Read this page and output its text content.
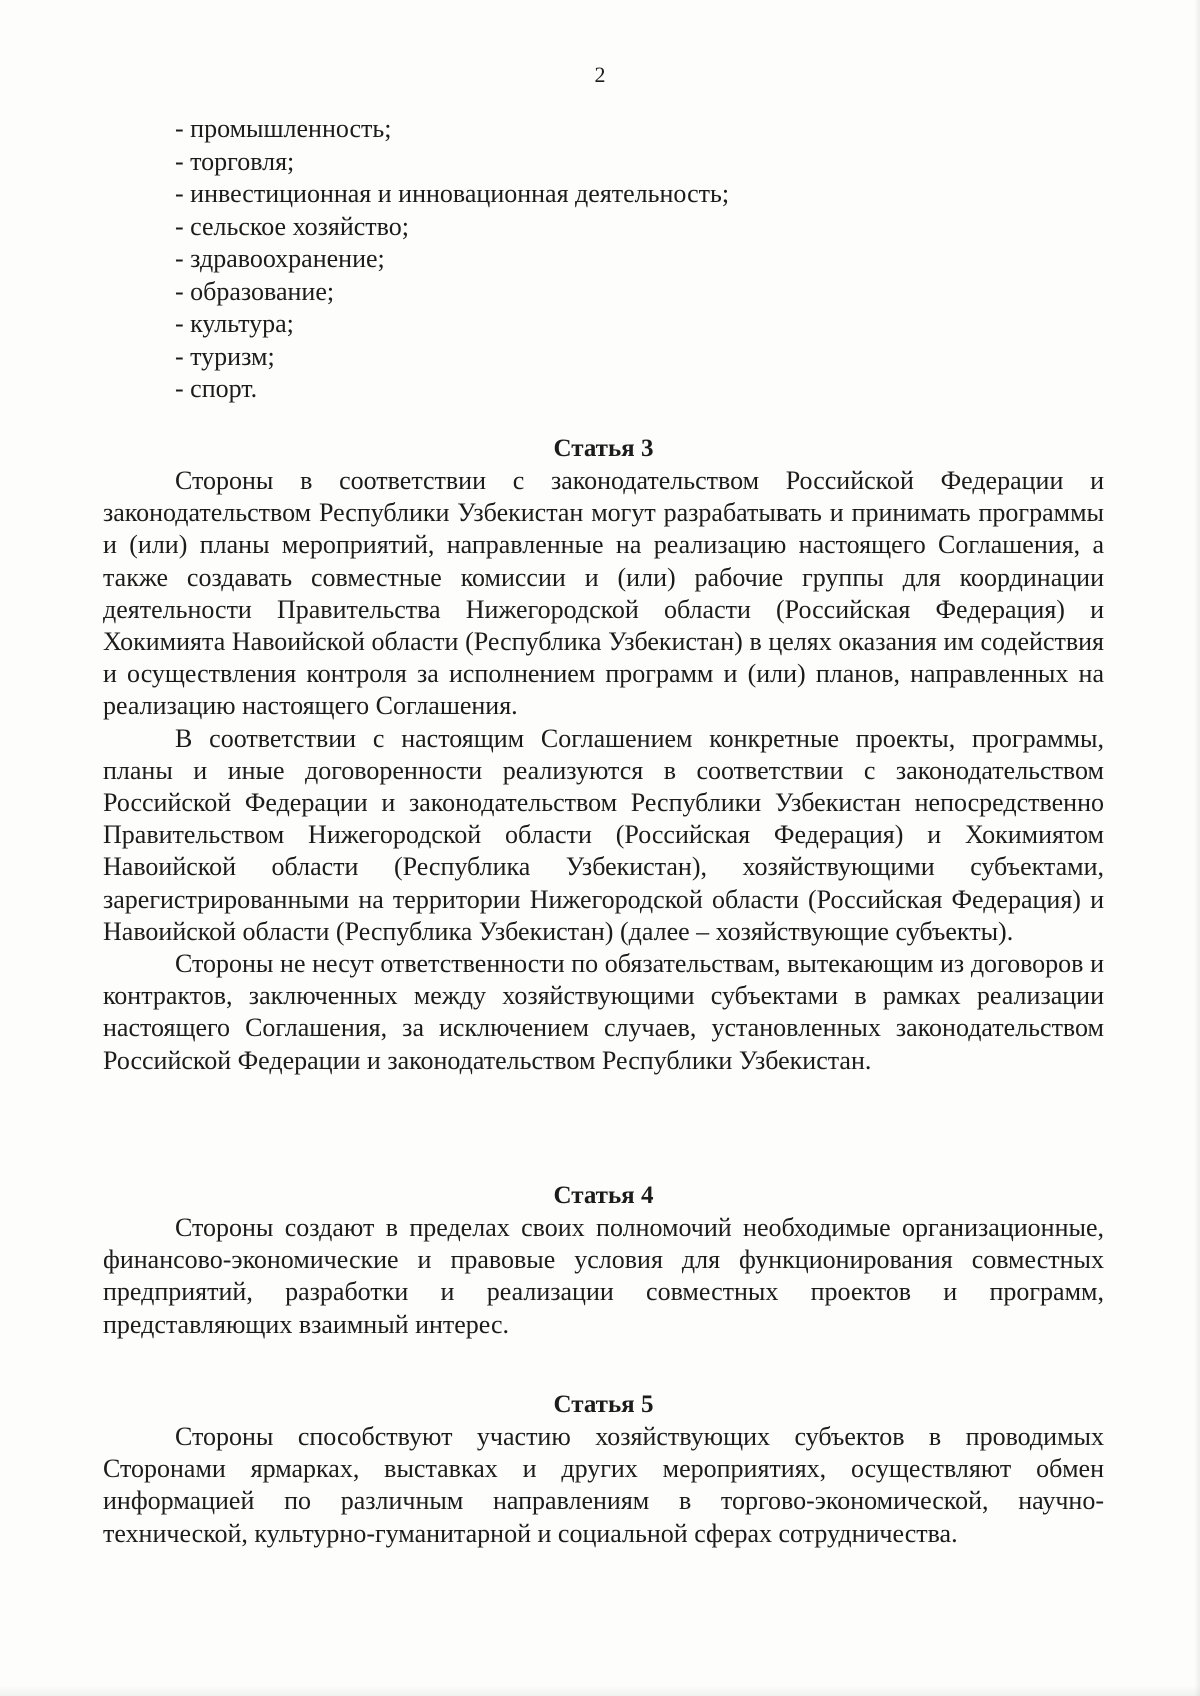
2
- промышленность;
- торговля;
- инвестиционная и инновационная деятельность;
- сельское хозяйство;
- здравоохранение;
- образование;
- культура;
- туризм;
- спорт.
Статья 3

Стороны в соответствии с законодательством Российской Федерации и законодательством Республики Узбекистан могут разрабатывать и принимать программы и (или) планы мероприятий, направленные на реализацию настоящего Соглашения, а также создавать совместные комиссии и (или) рабочие группы для координации деятельности Правительства Нижегородской области (Российская Федерация) и Хокимията Навоийской области (Республика Узбекистан) в целях оказания им содействия и осуществления контроля за исполнением программ и (или) планов, направленных на реализацию настоящего Соглашения.

В соответствии с настоящим Соглашением конкретные проекты, программы, планы и иные договоренности реализуются в соответствии с законодательством Российской Федерации и законодательством Республики Узбекистан непосредственно Правительством Нижегородской области (Российская Федерация) и Хокимиятом Навоийской области (Республика Узбекистан), хозяйствующими субъектами, зарегистрированными на территории Нижегородской области (Российская Федерация) и Навоийской области (Республика Узбекистан) (далее – хозяйствующие субъекты).

Стороны не несут ответственности по обязательствам, вытекающим из договоров и контрактов, заключенных между хозяйствующими субъектами в рамках реализации настоящего Соглашения, за исключением случаев, установленных законодательством Российской Федерации и законодательством Республики Узбекистан.

Статья 4

Стороны создают в пределах своих полномочий необходимые организационные, финансово-экономические и правовые условия для функционирования совместных предприятий, разработки и реализации совместных проектов и программ, представляющих взаимный интерес.

Статья 5

Стороны способствуют участию хозяйствующих субъектов в проводимых Сторонами ярмарках, выставках и других мероприятиях, осуществляют обмен информацией по различным направлениям в торгово-экономической, научно-технической, культурно-гуманитарной и социальной сферах сотрудничества.
